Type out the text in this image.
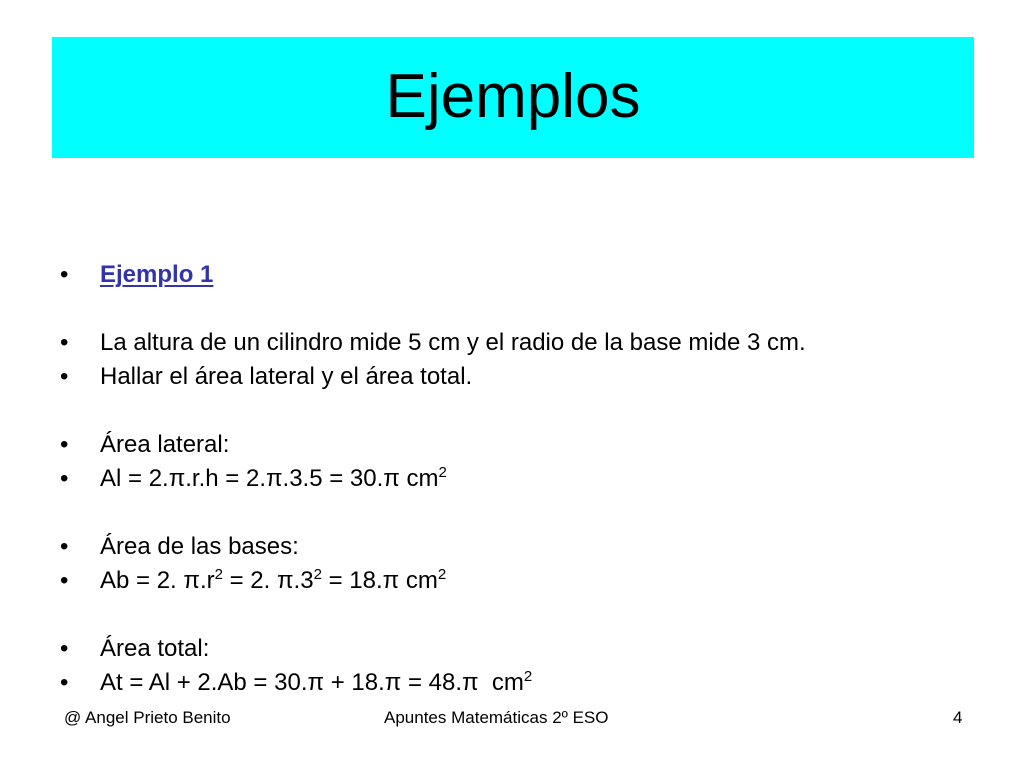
Ejemplos
•	Ejemplo 1
•	La altura de un cilindro mide 5 cm y el radio de la base mide 3 cm.
•	Hallar el área lateral y el área total.
•	Área lateral:
•	Al = 2.π.r.h = 2.π.3.5 = 30.π $cm^2$
•	Área de las bases:
•	Ab = 2. $\pi.r^2 = 2$. $\pi.3^2 = 18.\pi$ $cm^2$
•	Área total:
•	At = Al + 2.Ab = 30.π + 18.π = 48.π  $cm^2$
@ Angel Prieto Benito	Apuntes Matemáticas 2º ESO	4
